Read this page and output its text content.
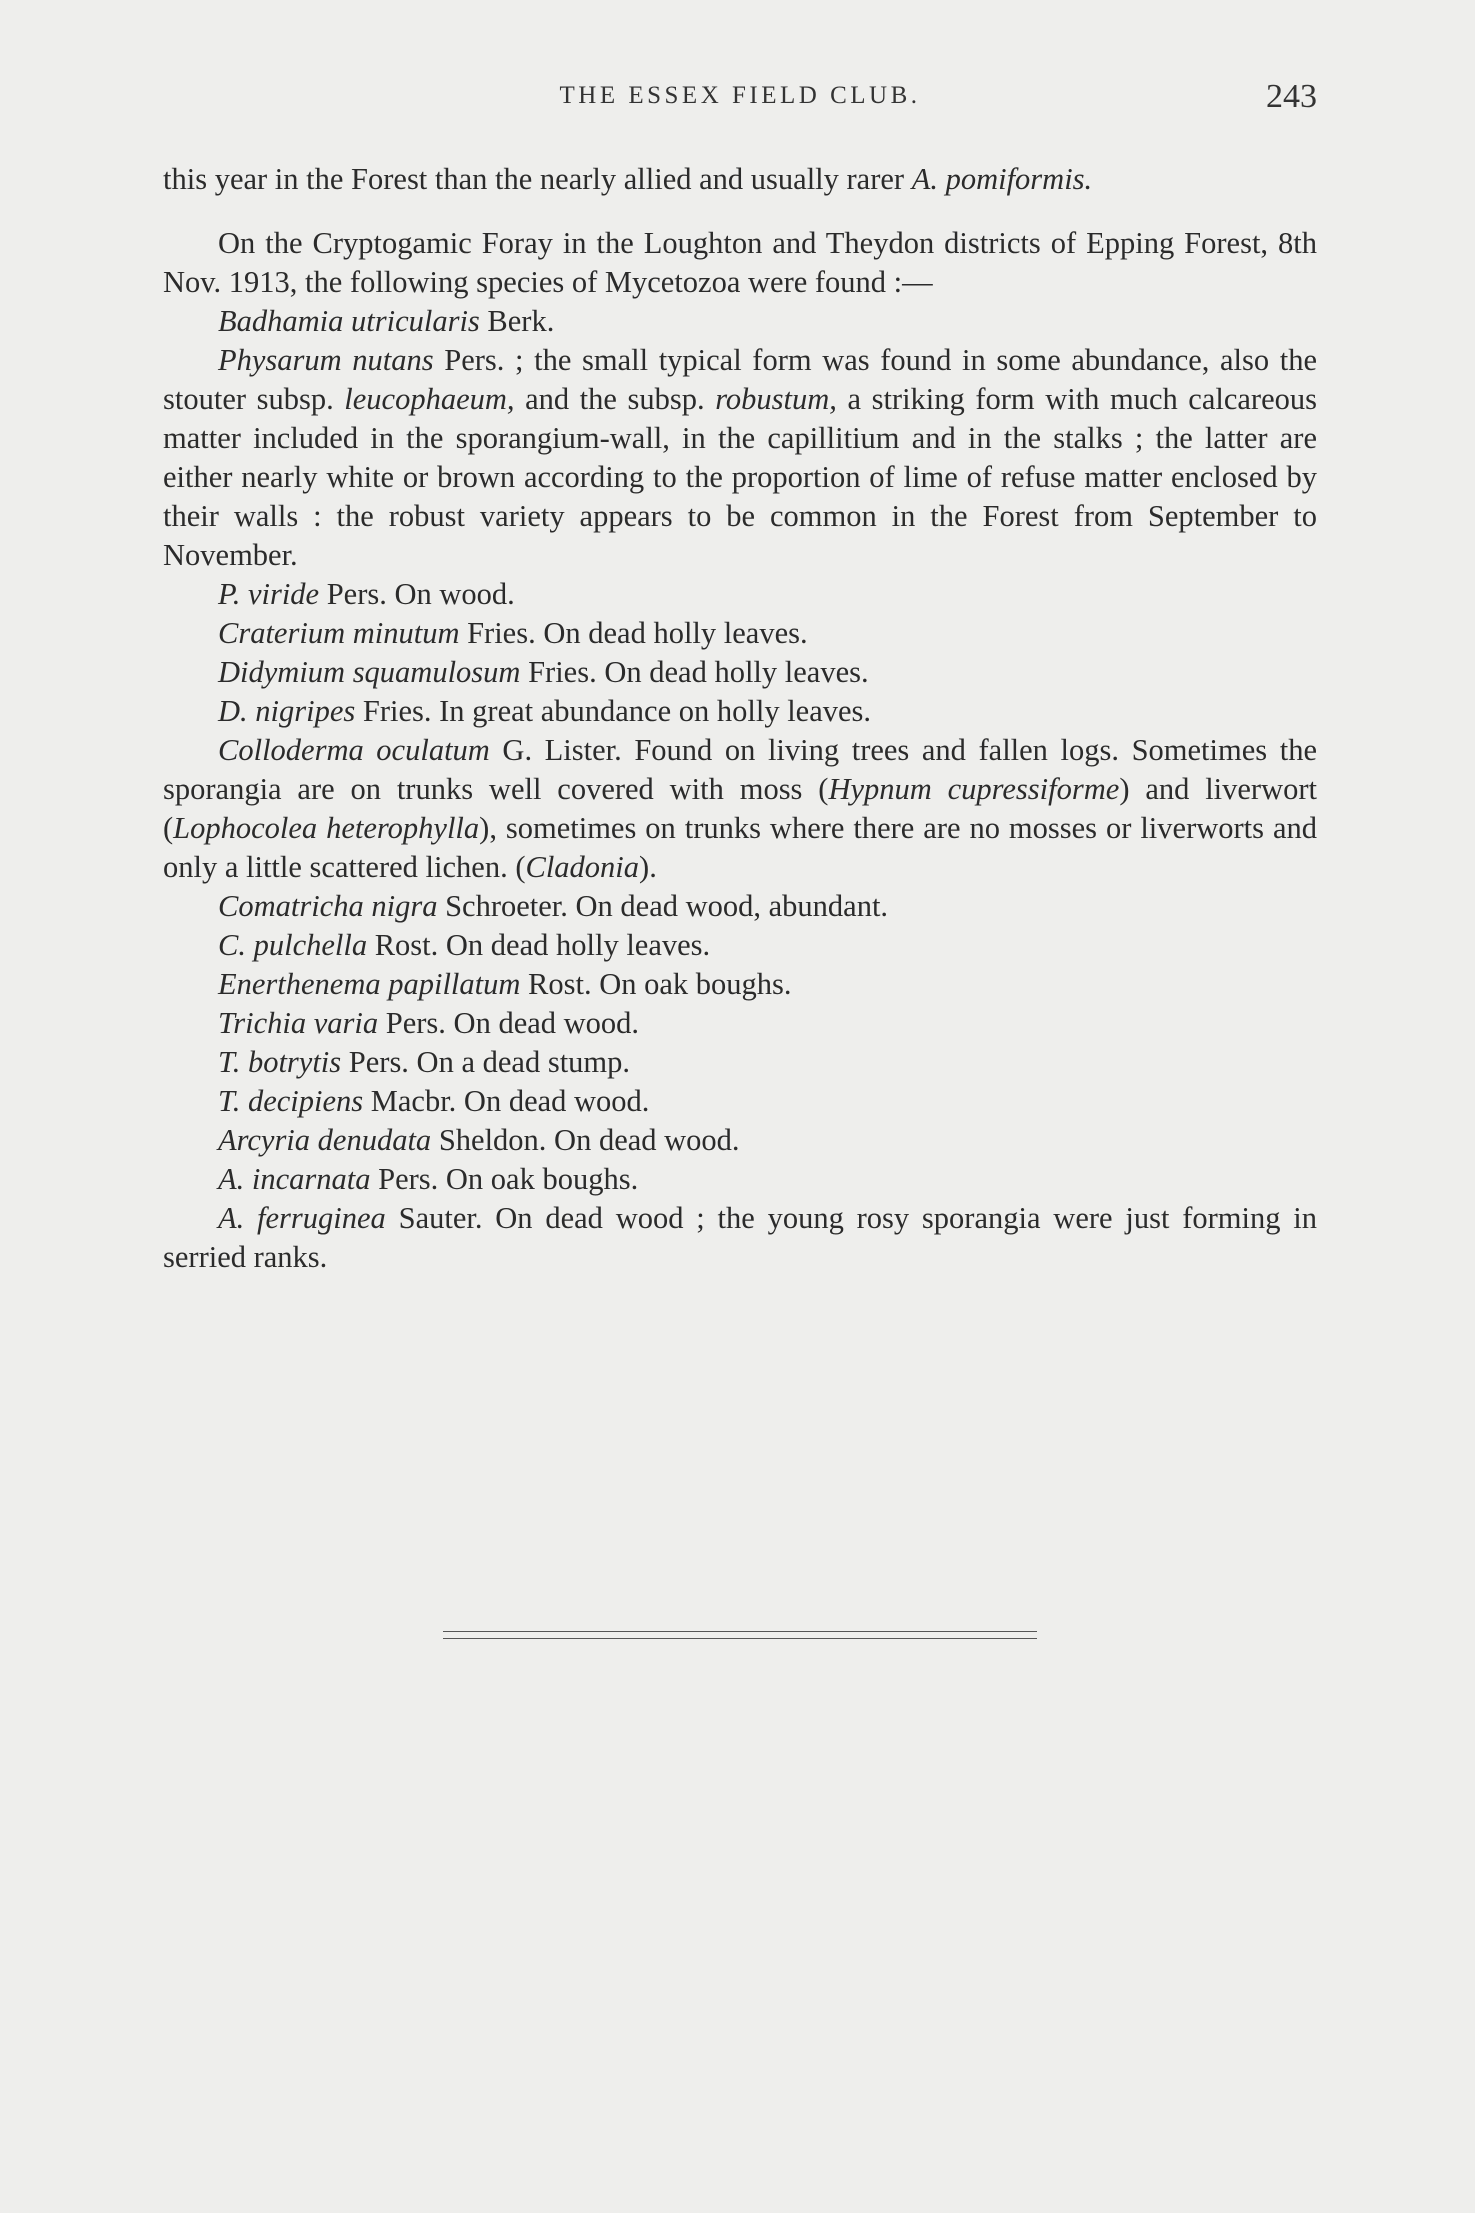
THE ESSEX FIELD CLUB.	243

this year in the Forest than the nearly allied and usually rarer A. pomiformis.

On the Cryptogamic Foray in the Loughton and Theydon districts of Epping Forest, 8th Nov. 1913, the following species of Mycetozoa were found :—

Badhamia utricularis Berk.

Physarum nutans Pers. ; the small typical form was found in some abundance, also the stouter subsp. leucophaeum, and the subsp. robustum, a striking form with much calcareous matter included in the sporangium-wall, in the capillitium and in the stalks ; the latter are either nearly white or brown according to the proportion of lime of refuse matter enclosed by their walls : the robust variety appears to be common in the Forest from September to November.

P. viride Pers. On wood.

Craterium minutum Fries. On dead holly leaves.

Didymium squamulosum Fries. On dead holly leaves.

D. nigripes Fries. In great abundance on holly leaves.

Colloderma oculatum G. Lister. Found on living trees and fallen logs. Sometimes the sporangia are on trunks well covered with moss (Hypnum cupressiforme) and liverwort (Lophocolea heterophylla), sometimes on trunks where there are no mosses or liverworts and only a little scattered lichen. (Cladonia).

Comatricha nigra Schroeter. On dead wood, abundant.

C. pulchella Rost. On dead holly leaves.

Enerthenema papillatum Rost. On oak boughs.

Trichia varia Pers. On dead wood.

T. botrytis Pers. On a dead stump.

T. decipiens Macbr. On dead wood.

Arcyria denudata Sheldon. On dead wood.

A. incarnata Pers. On oak boughs.

A. ferruginea Sauter. On dead wood ; the young rosy sporangia were just forming in serried ranks.
